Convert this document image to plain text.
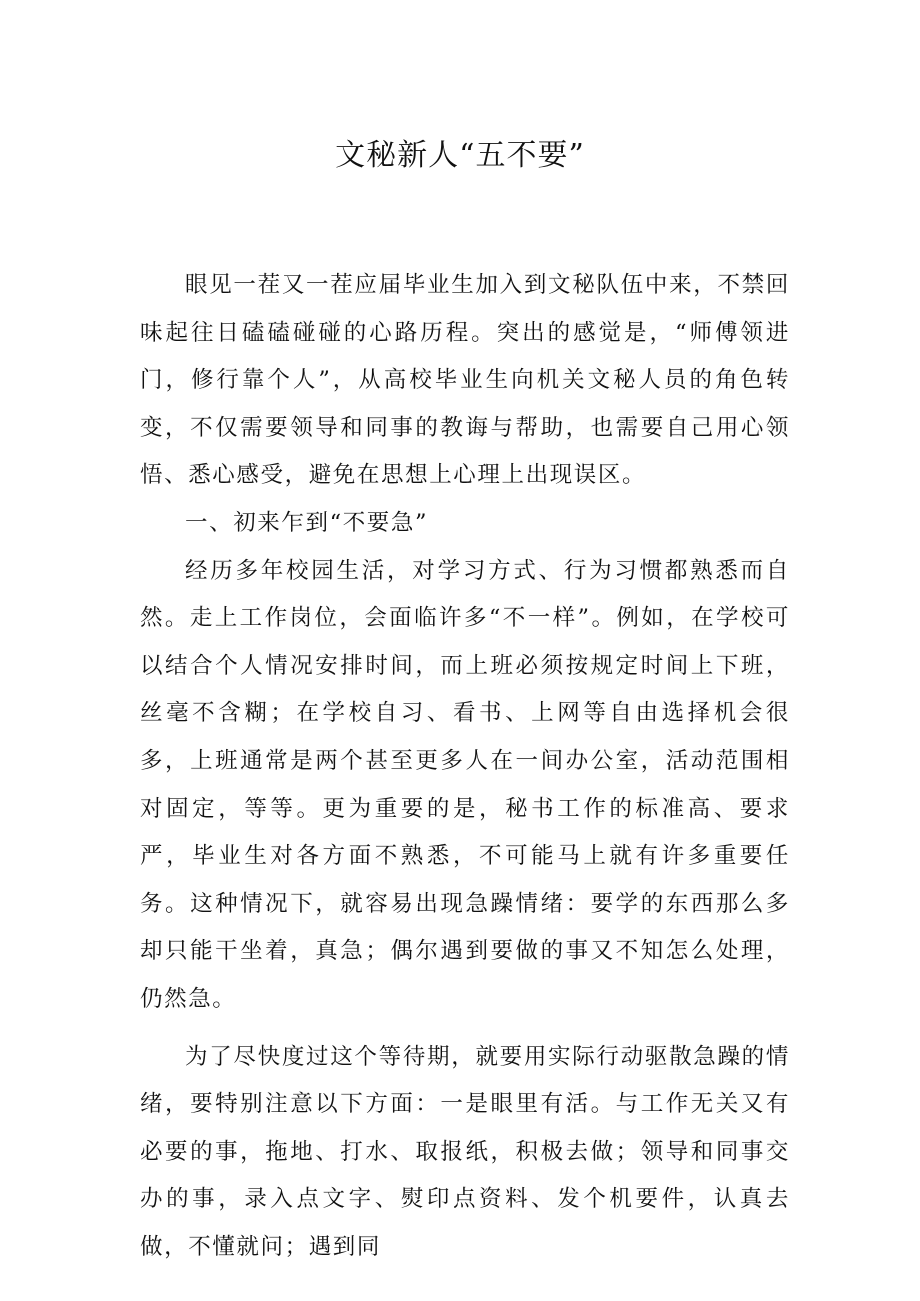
文秘新人“五不要”

眼见一茬又一茬应届毕业生加入到文秘队伍中来，不禁回味起往日磕磕碰碰的心路历程。突出的感觉是，“师傅领进门，修行靠个人”，从高校毕业生向机关文秘人员的角色转变，不仅需要领导和同事的教诲与帮助，也需要自己用心领悟、悉心感受，避免在思想上心理上出现误区。

一、初来乍到“不要急”

经历多年校园生活，对学习方式、行为习惯都熟悉而自然。走上工作岗位，会面临许多“不一样”。例如，在学校可以结合个人情况安排时间，而上班必须按规定时间上下班，丝毫不含糊；在学校自习、看书、上网等自由选择机会很多，上班通常是两个甚至更多人在一间办公室，活动范围相对固定，等等。更为重要的是，秘书工作的标准高、要求严，毕业生对各方面不熟悉，不可能马上就有许多重要任务。这种情况下，就容易出现急躁情绪：要学的东西那么多却只能干坐着，真急；偶尔遇到要做的事又不知怎么处理，仍然急。

为了尽快度过这个等待期，就要用实际行动驱散急躁的情绪，要特别注意以下方面：一是眼里有活。与工作无关又有必要的事，拖地、打水、取报纸，积极去做；领导和同事交办的事，录入点文字、熨印点资料、发个机要件，认真去做，不懂就问；遇到同
